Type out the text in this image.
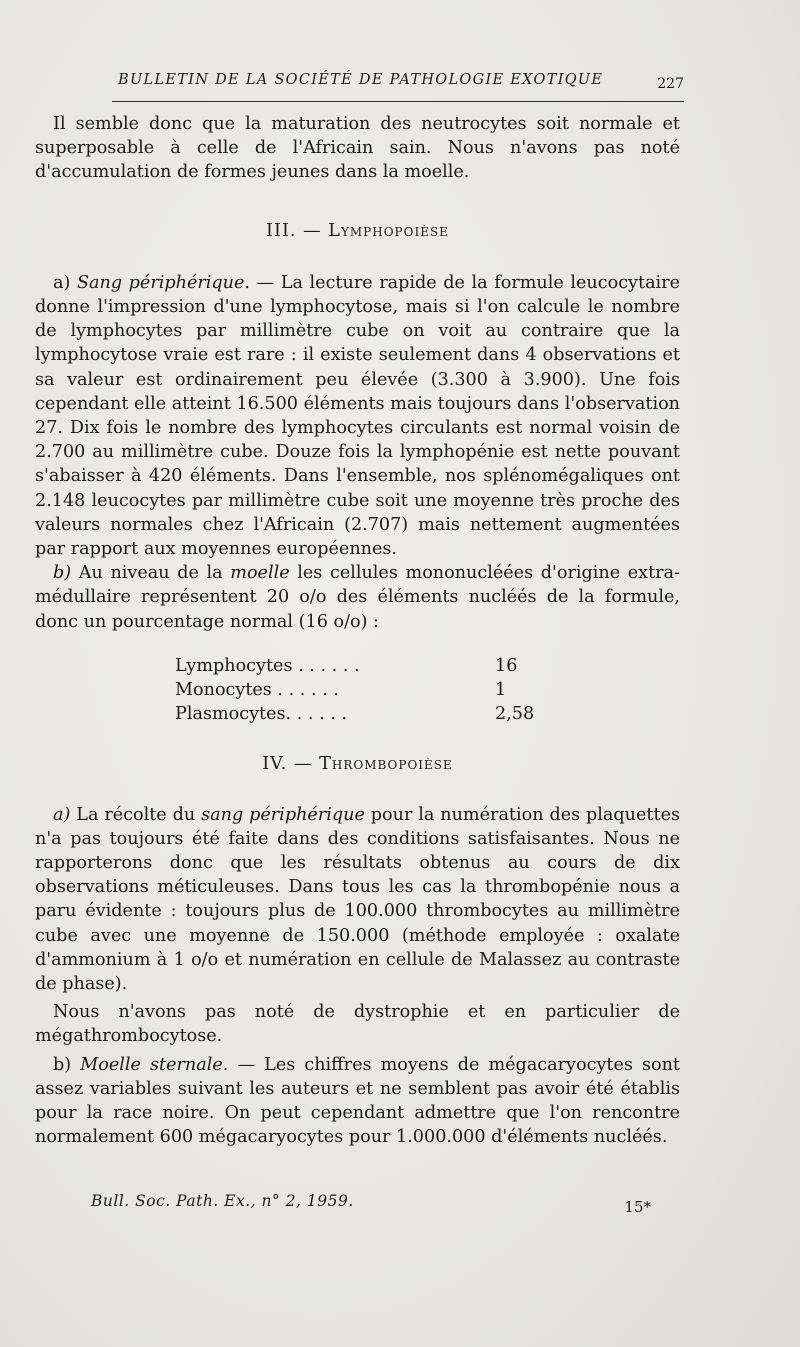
BULLETIN DE LA SOCIÉTÉ DE PATHOLOGIE EXOTIQUE	227

Il semble donc que la maturation des neutrocytes soit normale et superposable à celle de l'Africain sain. Nous n'avons pas noté d'accumulation de formes jeunes dans la moelle.

III. — Lymphopoièse

a) Sang périphérique. — La lecture rapide de la formule leucocytaire donne l'impression d'une lymphocytose, mais si l'on calcule le nombre de lymphocytes par millimètre cube on voit au contraire que la lymphocytose vraie est rare : il existe seulement dans 4 observations et sa valeur est ordinairement peu élevée (3.300 à 3.900). Une fois cependant elle atteint 16.500 éléments mais toujours dans l'observation 27. Dix fois le nombre des lymphocytes circulants est normal voisin de 2.700 au millimètre cube. Douze fois la lymphopénie est nette pouvant s'abaisser à 420 éléments. Dans l'ensemble, nos splénomégaliques ont 2.148 leucocytes par millimètre cube soit une moyenne très proche des valeurs normales chez l'Africain (2.707) mais nettement augmentées par rapport aux moyennes européennes.

b) Au niveau de la moelle les cellules mononucléées d'origine extra-médullaire représentent 20 o/o des éléments nucléés de la formule, donc un pourcentage normal (16 o/o) :

Lymphocytes . . . . . .	16
Monocytes . . . . . .	1
Plasmocytes. . . . . .	2,58

IV. — Thrombopoièse

a) La récolte du sang périphérique pour la numération des plaquettes n'a pas toujours été faite dans des conditions satisfaisantes. Nous ne rapporterons donc que les résultats obtenus au cours de dix observations méticuleuses. Dans tous les cas la thrombopénie nous a paru évidente : toujours plus de 100.000 thrombocytes au millimètre cube avec une moyenne de 150.000 (méthode employée : oxalate d'ammonium à 1 o/o et numération en cellule de Malassez au contraste de phase).

Nous n'avons pas noté de dystrophie et en particulier de mégathrombocytose.

b) Moelle sternale. — Les chiffres moyens de mégacaryocytes sont assez variables suivant les auteurs et ne semblent pas avoir été établis pour la race noire. On peut cependant admettre que l'on rencontre normalement 600 mégacaryocytes pour 1.000.000 d'éléments nucléés.

Bull. Soc. Path. Ex., n° 2, 1959.	15*
